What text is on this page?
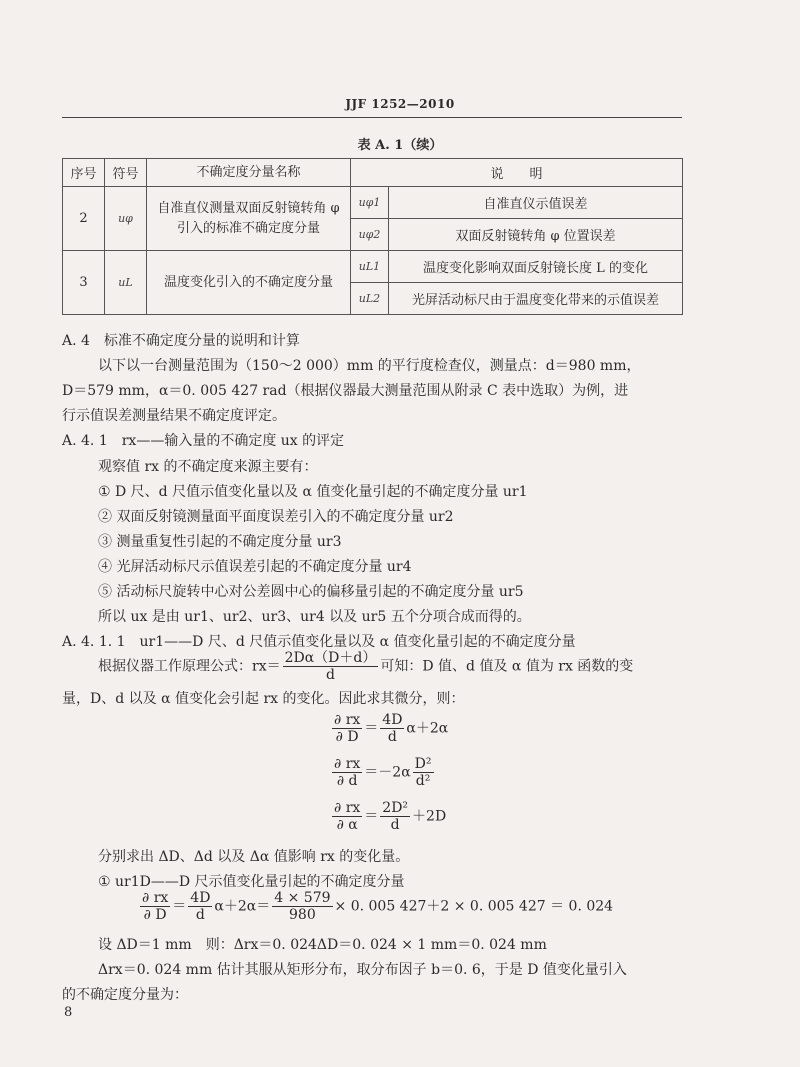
JJF 1252—2010
表 A. 1（续）
序号	符号	不确定度分量名称	说　　明	
2	uφ	自准直仪测量双面反射镜转角 φ 引入的标准不确定度分量	uφ1	自准直仪示值误差
			uφ2	双面反射镜转角 φ 位置误差
3	uL	温度变化引入的不确定度分量	uL1	温度变化影响双面反射镜长度 L 的变化
			uL2	光屏活动标尺由于温度变化带来的示值误差
A. 4　标准不确定度分量的说明和计算
以下以一台测量范围为（150～2 000）mm 的平行度检查仪，测量点：d＝980 mm，
D＝579 mm，α＝0. 005 427 rad（根据仪器最大测量范围从附录 C 表中选取）为例，进
行示值误差测量结果不确定度评定。
A. 4. 1　rx——输入量的不确定度 ux 的评定
观察值 rx 的不确定度来源主要有：
① D 尺、d 尺值示值变化量以及 α 值变化量引起的不确定度分量 ur1
② 双面反射镜测量面平面度误差引入的不确定度分量 ur2
③ 测量重复性引起的不确定度分量 ur3
④ 光屏活动标尺示值误差引起的不确定度分量 ur4
⑤ 活动标尺旋转中心对公差圆中心的偏移量引起的不确定度分量 ur5
所以 ux 是由 ur1、ur2、ur3、ur4 以及 ur5 五个分项合成而得的。
A. 4. 1. 1　ur1——D 尺、d 尺值示值变化量以及 α 值变化量引起的不确定度分量
根据仪器工作原理公式：$rx= \frac{2D\alpha(D+d)}{d}$ 可知：D 值、d 值及 α 值为 rx 函数的变
量，D、d 以及 α 值变化会引起 rx 的变化。因此求其微分，则：
$\frac{\partial rx}{\partial D} = \frac{4D}{d} \alpha+2\alpha$
$\frac{\partial rx}{\partial d} =-2\alpha \frac{\text{D²}}{\text{d²}}$
$\frac{\partial rx}{\partial \alpha} = \frac{\text{2D²}}{d} +2D$
分别求出 ΔD、Δd 以及 Δα 值影响 rx 的变化量。
① ur1D——D 尺示值变化量引起的不确定度分量
$\frac{\partial rx}{\partial D} = \frac{4D}{d} \alpha+2\alpha= \frac{4 \times 579}{980} \times 0$. 005 427＋2 × 0. 005 427 ＝ 0. 024
设 ΔD＝1 mm　则：Δrx＝0. 024ΔD＝0. 024 × 1 mm＝0. 024 mm
Δrx＝0. 024 mm 估计其服从矩形分布，取分布因子 b＝0. 6，于是 D 值变化量引入
的不确定度分量为：
8
